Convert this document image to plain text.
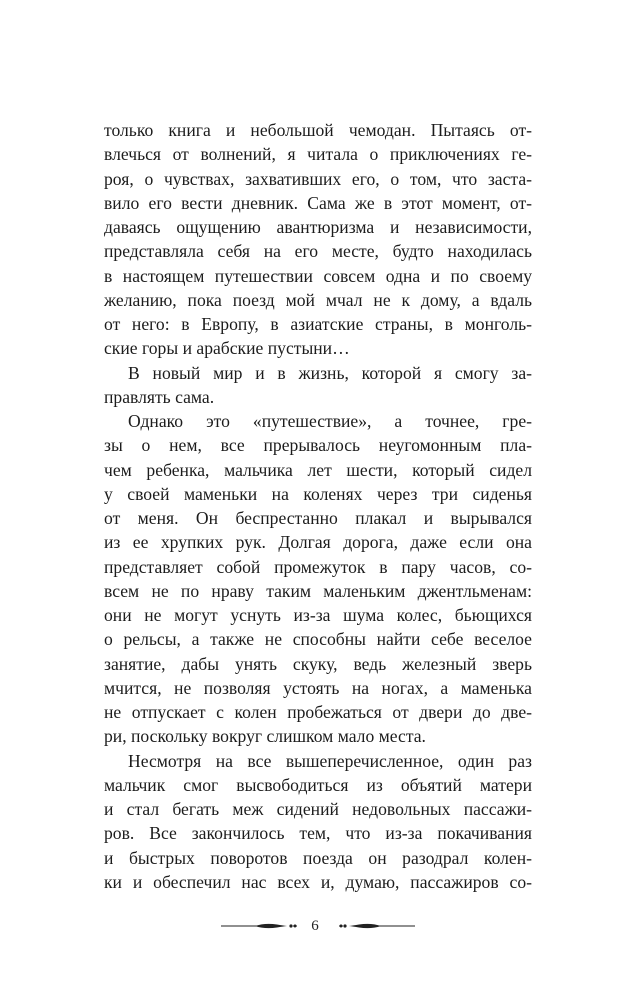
только книга и небольшой чемодан. Пытаясь от-
влечься от волнений, я читала о приключениях ге-
роя, о чувствах, захвативших его, о том, что заста-
вило его вести дневник. Сама же в этот момент, от-
даваясь ощущению авантюризма и независимости,
представляла себя на его месте, будто находилась
в настоящем путешествии совсем одна и по своему
желанию, пока поезд мой мчал не к дому, а вдаль
от него: в Европу, в азиатские страны, в монголь-
ские горы и арабские пустыни…
В новый мир и в жизнь, которой я смогу за-
правлять сама.
Однако это «путешествие», а точнее, гре-
зы о нем, все прерывалось неугомонным пла-
чем ребенка, мальчика лет шести, который сидел
у своей маменьки на коленях через три сиденья
от меня. Он беспрестанно плакал и вырывался
из ее хрупких рук. Долгая дорога, даже если она
представляет собой промежуток в пару часов, со-
всем не по нраву таким маленьким джентльменам:
они не могут уснуть из-за шума колес, бьющихся
о рельсы, а также не способны найти себе веселое
занятие, дабы унять скуку, ведь железный зверь
мчится, не позволяя устоять на ногах, а маменька
не отпускает с колен пробежаться от двери до две-
ри, поскольку вокруг слишком мало места.
Несмотря на все вышеперечисленное, один раз
мальчик смог высвободиться из объятий матери
и стал бегать меж сидений недовольных пассажи-
ров. Все закончилось тем, что из-за покачивания
и быстрых поворотов поезда он разодрал колен-
ки и обеспечил нас всех и, думаю, пассажиров со-
6
